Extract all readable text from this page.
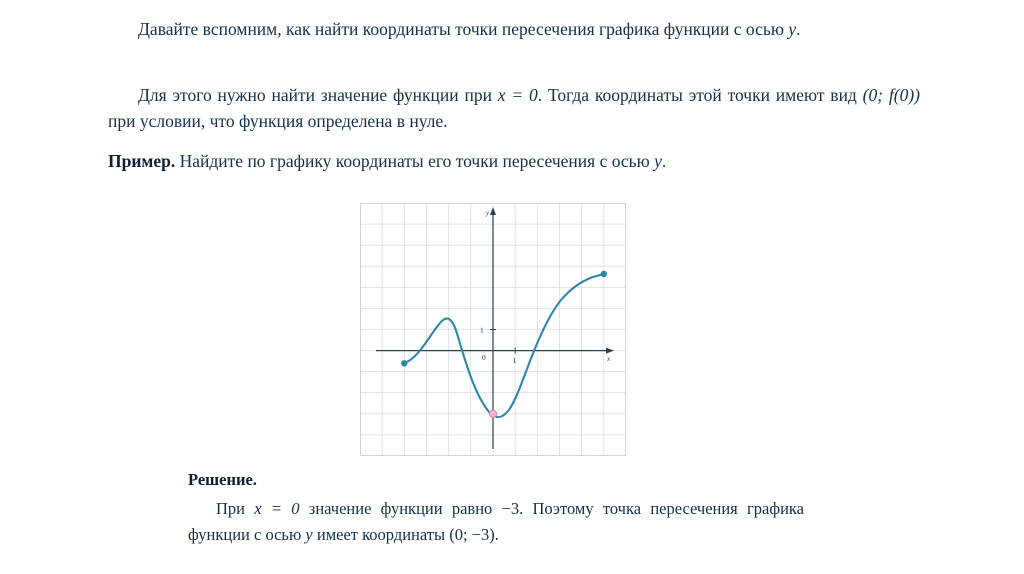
Давайте вспомним, как найти координаты точки пересечения графика функции с осью y.
Для этого нужно найти значение функции при x = 0. Тогда координаты этой точки имеют вид (0; f(0)) при условии, что функция определена в нуле.
Пример. Найдите по графику координаты его точки пересечения с осью y.
y
x
1
1
0
Решение.
При x = 0 значение функции равно −3. Поэтому точка пересечения графика функции с осью y имеет координаты (0; −3).
